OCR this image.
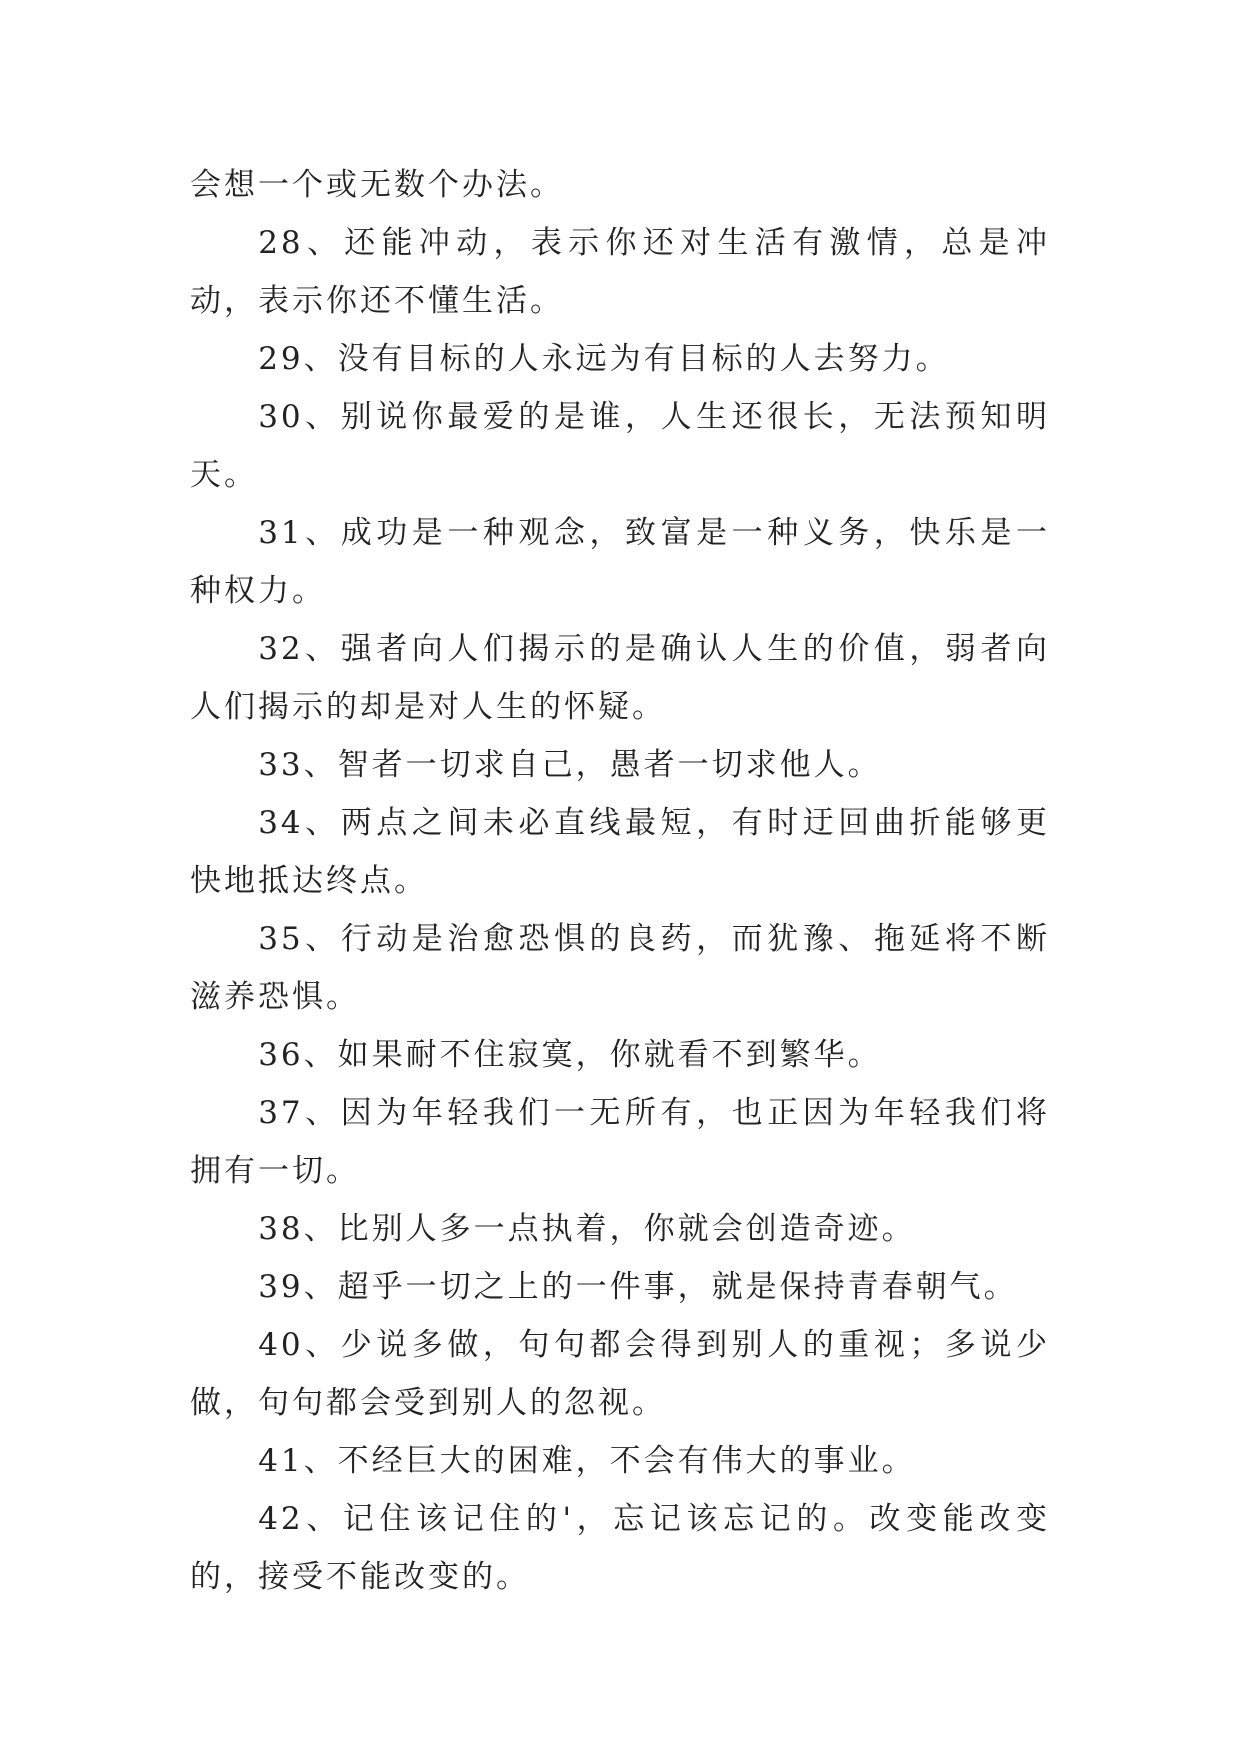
会想一个或无数个办法。

28、还能冲动，表示你还对生活有激情，总是冲动，表示你还不懂生活。

29、没有目标的人永远为有目标的人去努力。

30、别说你最爱的是谁，人生还很长，无法预知明天。

31、成功是一种观念，致富是一种义务，快乐是一种权力。

32、强者向人们揭示的是确认人生的价值，弱者向人们揭示的却是对人生的怀疑。

33、智者一切求自己，愚者一切求他人。

34、两点之间未必直线最短，有时迂回曲折能够更快地抵达终点。

35、行动是治愈恐惧的良药，而犹豫、拖延将不断滋养恐惧。

36、如果耐不住寂寞，你就看不到繁华。

37、因为年轻我们一无所有，也正因为年轻我们将拥有一切。

38、比别人多一点执着，你就会创造奇迹。

39、超乎一切之上的一件事，就是保持青春朝气。

40、少说多做，句句都会得到别人的重视；多说少做，句句都会受到别人的忽视。

41、不经巨大的困难，不会有伟大的事业。

42、记住该记住的'，忘记该忘记的。改变能改变的，接受不能改变的。
